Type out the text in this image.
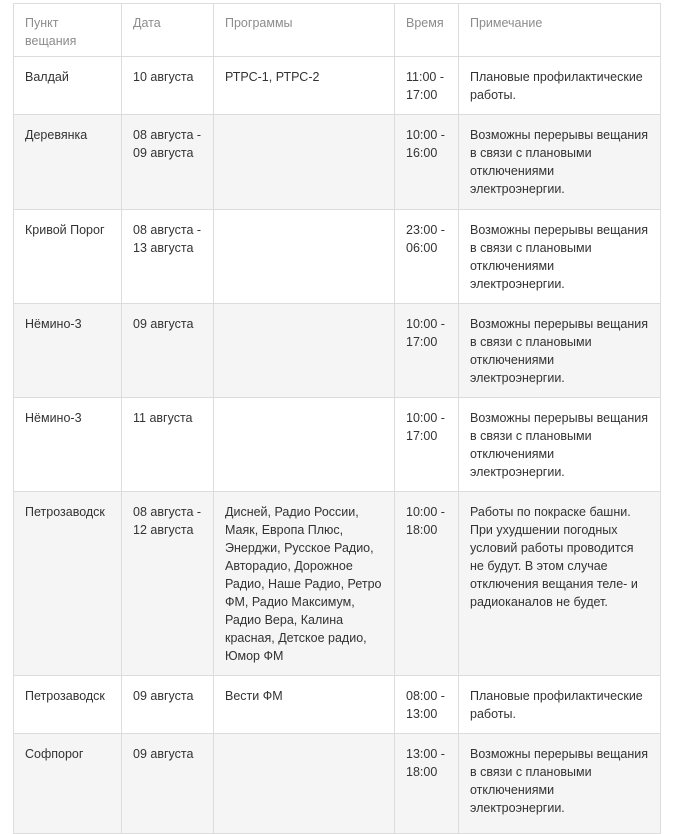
Пункт вещания	Дата	Программы	Время	Примечание
Валдай	10 августа	РТРС-1, РТРС-2	11:00 - 17:00	Плановые профилактические работы.
Деревянка	08 августа - 09 августа		10:00 - 16:00	Возможны перерывы вещания в связи с плановыми отключениями электроэнергии.
Кривой Порог	08 августа - 13 августа		23:00 - 06:00	Возможны перерывы вещания в связи с плановыми отключениями электроэнергии.
Нёмино-3	09 августа		10:00 - 17:00	Возможны перерывы вещания в связи с плановыми отключениями электроэнергии.
Нёмино-3	11 августа		10:00 - 17:00	Возможны перерывы вещания в связи с плановыми отключениями электроэнергии.
Петрозаводск	08 августа - 12 августа	Дисней, Радио России, Маяк, Европа Плюс, Энерджи, Русское Радио, Авторадио, Дорожное Радио, Наше Радио, Ретро ФМ, Радио Максимум, Радио Вера, Калина красная, Детское радио, Юмор ФМ	10:00 - 18:00	Работы по покраске башни. При ухудшении погодных условий работы проводится не будут. В этом случае отключения вещания теле- и радиоканалов не будет.
Петрозаводск	09 августа	Вести ФМ	08:00 - 13:00	Плановые профилактические работы.
Софпорог	09 августа		13:00 - 18:00	Возможны перерывы вещания в связи с плановыми отключениями электроэнергии.
